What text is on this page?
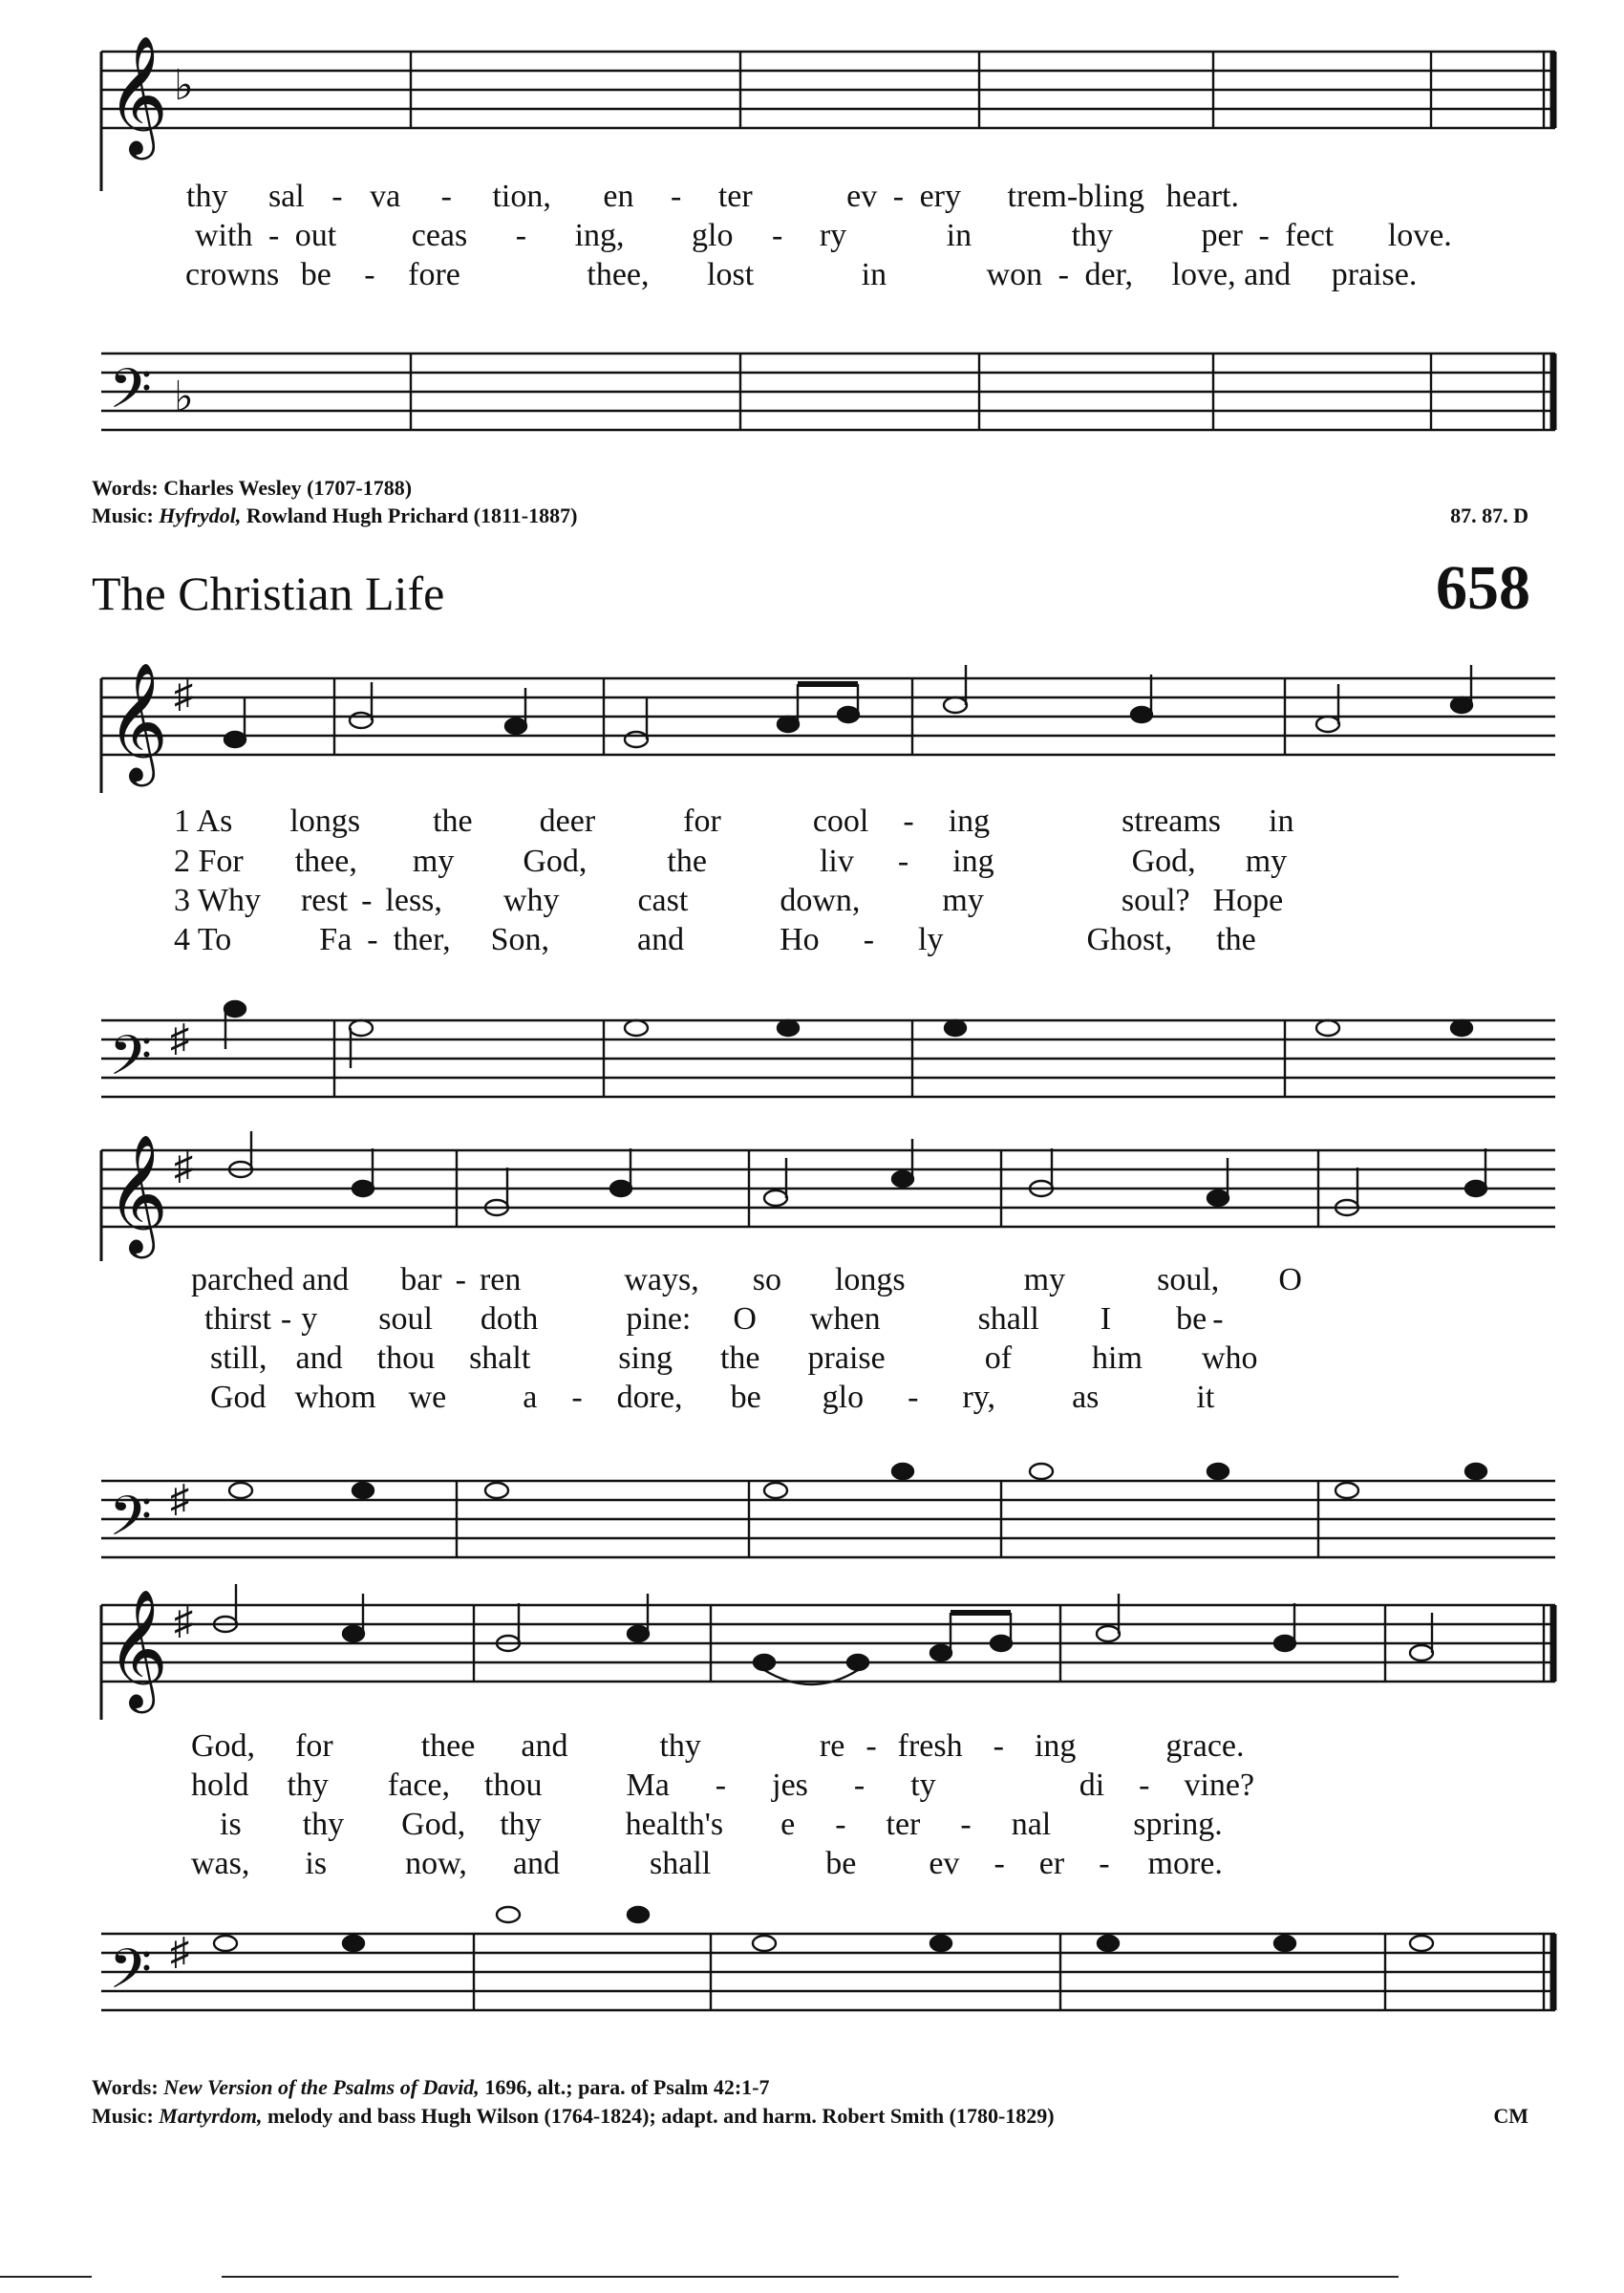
𝄞 ♭
𝄢 ♭
thy sal - va - tion, en - ter	ev - ery trem-bling heart.
with - out ceas - ing, glo - ry	in	thy	per - fect love.
crowns be - fore	thee, lost	in	won - der, love, and praise.
Words: Charles Wesley (1707-1788)
Music: Hyfrydol, Rowland Hugh Prichard (1811-1887)	87. 87. D
The Christian Life	658
𝄞 ♯
𝄢 ♯
1 As longs the deer	for	cool - ing	streams in
2 For thee, my God, the	liv - ing	God, my
3 Why rest - less, why cast	down,	my	soul? Hope
4 To	Fa - ther, Son,	and	Ho - ly	Ghost, the
𝄞 ♯
𝄢 ♯
parched and bar - ren	ways, so longs	my	soul, O
thirst - y soul doth	pine: O when	shall I be -
still, and thou shalt	sing the praise	of him who
God whom we a - dore, be glo - ry, as	it
𝄞 ♯
𝄢 ♯
God, for	thee and	thy	re - fresh - ing	grace.
hold thy face, thou	Ma - jes - ty	di - vine?
is thy God, thy	health's e - ter - nal	spring.
was, is now, and	shall	be ev - er - more.
Words: New Version of the Psalms of David, 1696, alt.; para. of Psalm 42:1-7
Music: Martyrdom, melody and bass Hugh Wilson (1764-1824); adapt. and harm. Robert Smith (1780-1829)	CM
